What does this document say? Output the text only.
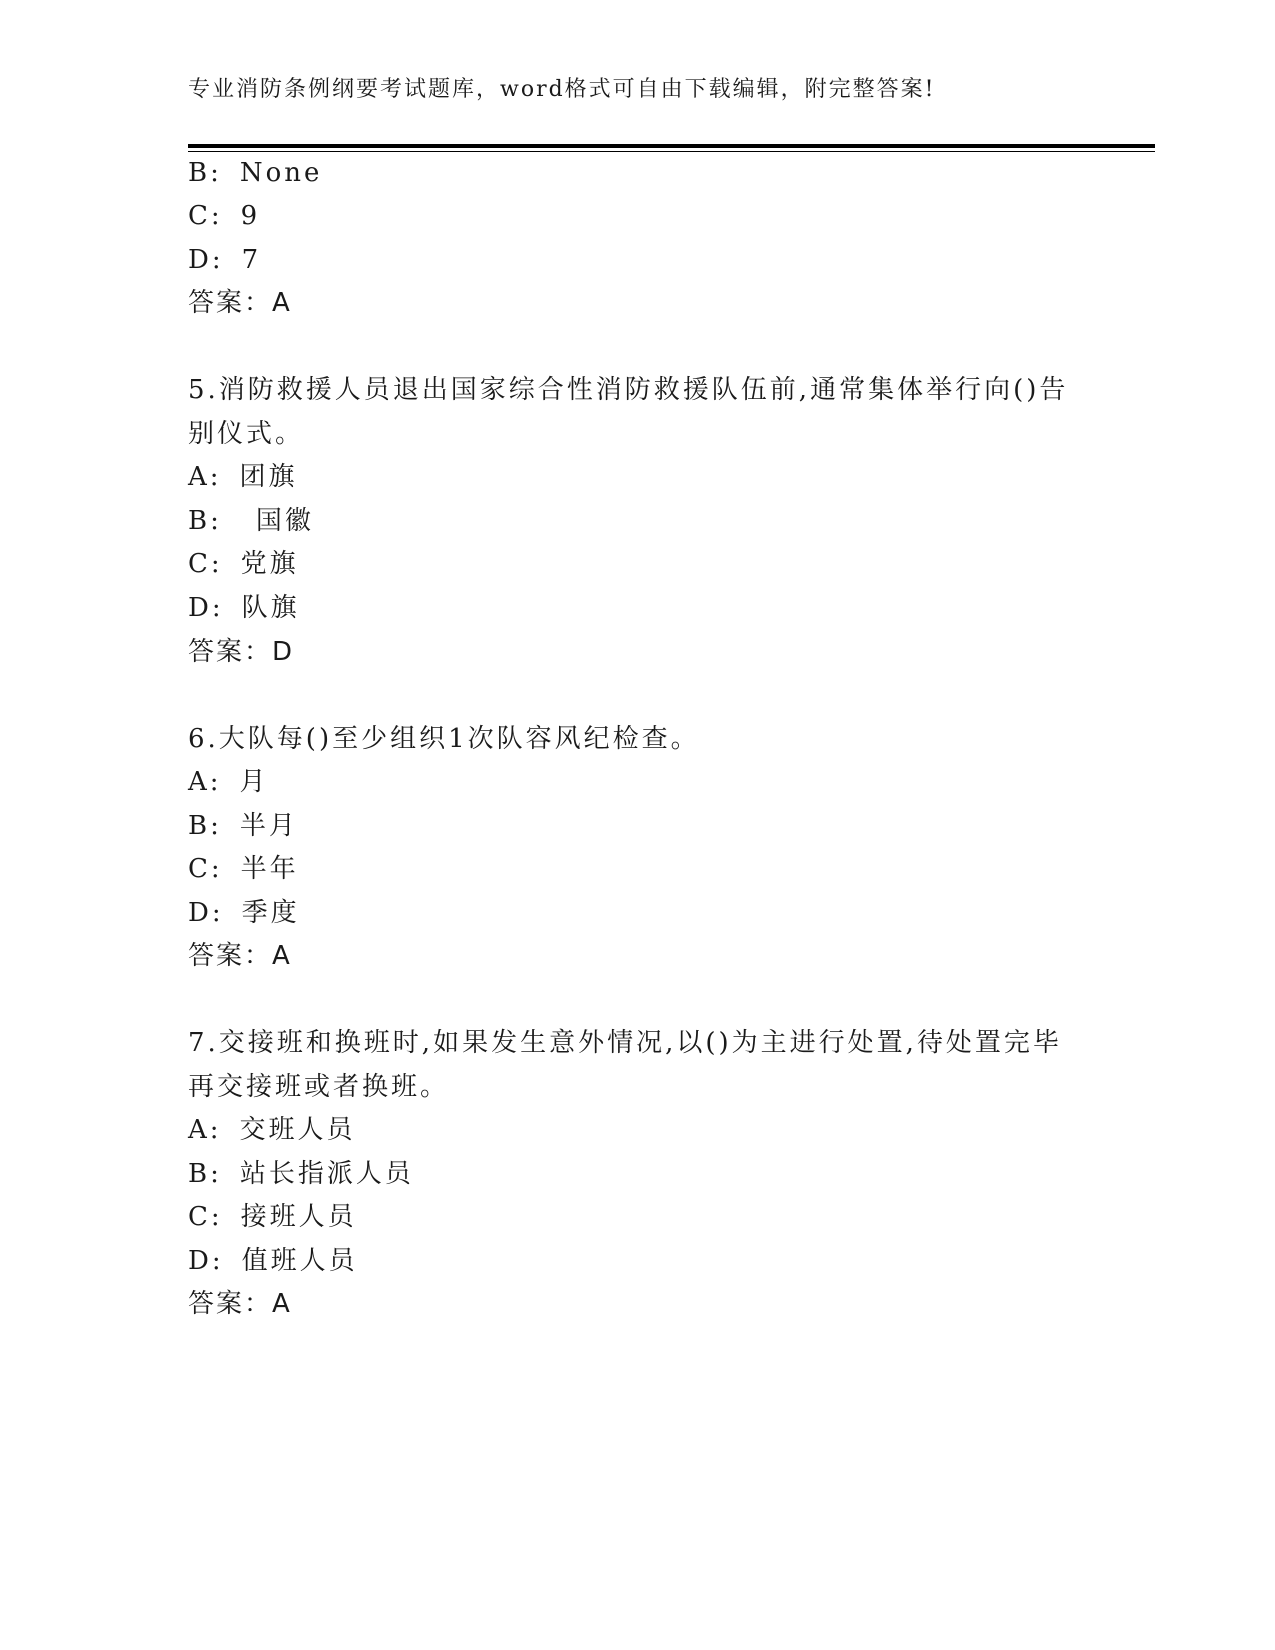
专业消防条例纲要考试题库，word格式可自由下载编辑，附完整答案!
B: None
C: 9
D: 7
答案：A
5.消防救援人员退出国家综合性消防救援队伍前,通常集体举行向()告
别仪式。
A: 团旗
B: 国徽
C: 党旗
D: 队旗
答案：D
6.大队每()至少组织1次队容风纪检查。
A: 月
B: 半月
C: 半年
D: 季度
答案：A
7.交接班和换班时,如果发生意外情况,以()为主进行处置,待处置完毕
再交接班或者换班。
A: 交班人员
B: 站长指派人员
C: 接班人员
D: 值班人员
答案：A
